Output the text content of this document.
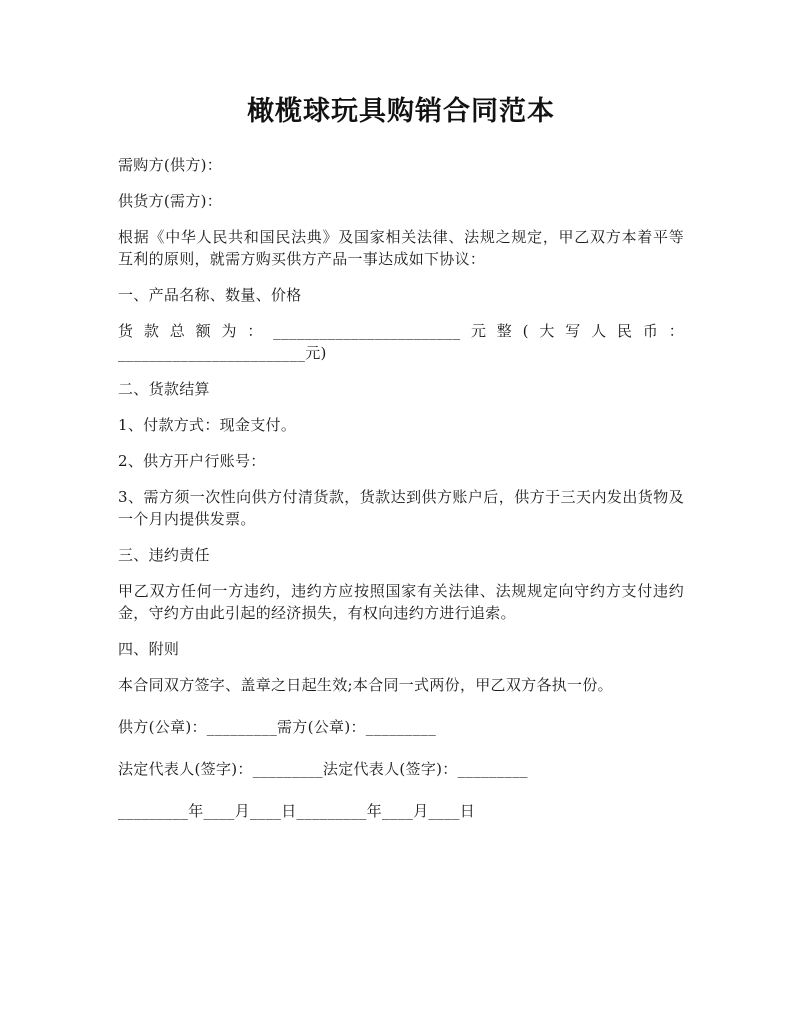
橄榄球玩具购销合同范本
需购方(供方)：
供货方(需方)：
根据《中华人民共和国民法典》及国家相关法律、法规之规定，甲乙双方本着平等互利的原则，就需方购买供方产品一事达成如下协议：
一、产品名称、数量、价格
货款总额为：________________________元整(大写人民币：________________________元)
二、货款结算
1、付款方式：现金支付。
2、供方开户行账号：
3、需方须一次性向供方付清货款，货款达到供方账户后，供方于三天内发出货物及一个月内提供发票。
三、违约责任
甲乙双方任何一方违约，违约方应按照国家有关法律、法规规定向守约方支付违约金，守约方由此引起的经济损失，有权向违约方进行追索。
四、附则
本合同双方签字、盖章之日起生效;本合同一式两份，甲乙双方各执一份。
供方(公章)：_________需方(公章)：_________
法定代表人(签字)：_________法定代表人(签字)：_________
_________年____月____日_________年____月____日
